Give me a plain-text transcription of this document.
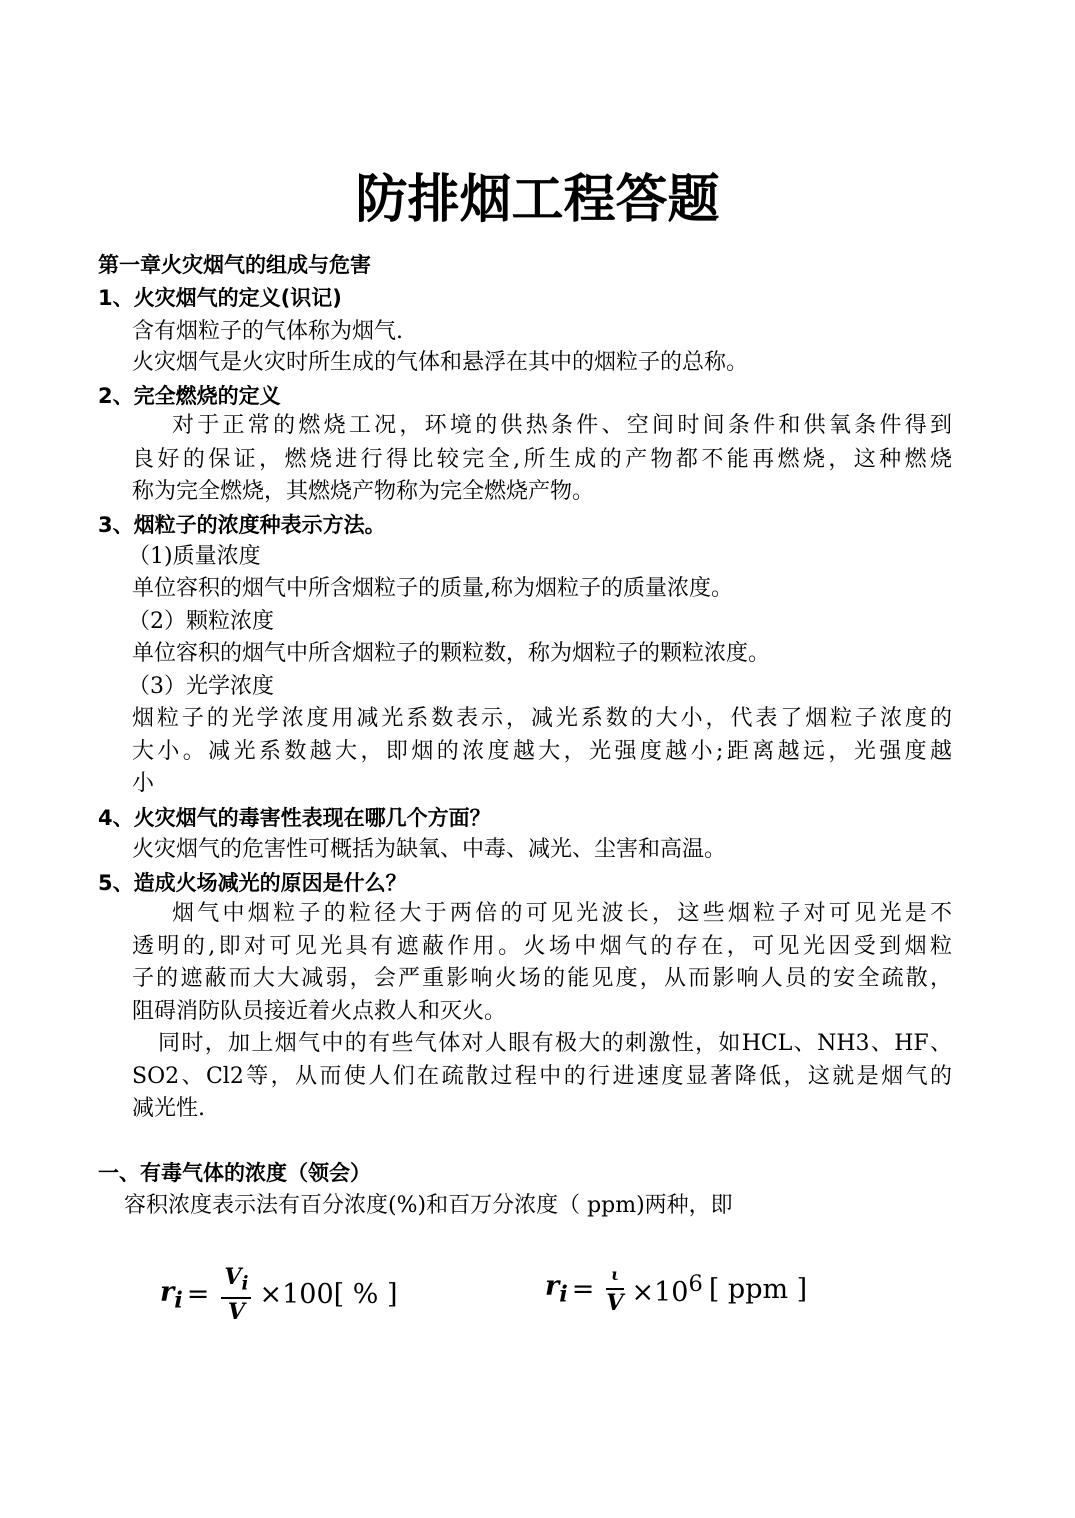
防排烟工程答题
第一章火灾烟气的组成与危害
1、火灾烟气的定义(识记)
含有烟粒子的气体称为烟气.
火灾烟气是火灾时所生成的气体和悬浮在其中的烟粒子的总称。
2、完全燃烧的定义
对于正常的燃烧工况，环境的供热条件、空间时间条件和供氧条件得到
良好的保证，燃烧进行得比较完全,所生成的产物都不能再燃烧，这种燃烧
称为完全燃烧，其燃烧产物称为完全燃烧产物。
3、烟粒子的浓度种表示方法。
（1)质量浓度
单位容积的烟气中所含烟粒子的质量,称为烟粒子的质量浓度。
（2）颗粒浓度
单位容积的烟气中所含烟粒子的颗粒数，称为烟粒子的颗粒浓度。
（3）光学浓度
烟粒子的光学浓度用减光系数表示，减光系数的大小，代表了烟粒子浓度的
大小。减光系数越大，即烟的浓度越大，光强度越小;距离越远，光强度越
小
4、火灾烟气的毒害性表现在哪几个方面？
火灾烟气的危害性可概括为缺氧、中毒、减光、尘害和高温。
5、造成火场减光的原因是什么？
烟气中烟粒子的粒径大于两倍的可见光波长，这些烟粒子对可见光是不
透明的,即对可见光具有遮蔽作用。火场中烟气的存在，可见光因受到烟粒
子的遮蔽而大大减弱，会严重影响火场的能见度，从而影响人员的安全疏散，
阻碍消防队员接近着火点救人和灭火。
同时，加上烟气中的有些气体对人眼有极大的刺激性，如HCL、NH3、HF、
SO2、Cl2等，从而使人们在疏散过程中的行进速度显著降低，这就是烟气的
减光性.
一、有毒气体的浓度（领会）
容积浓度表示法有百分浓度(%)和百万分浓度（ ppm)两种，即
$r_i = \frac{V_i}{V} \times 100$[ % ]	$r_i = \frac{\iota}{V} \times 10^6$ [ ppm ]
